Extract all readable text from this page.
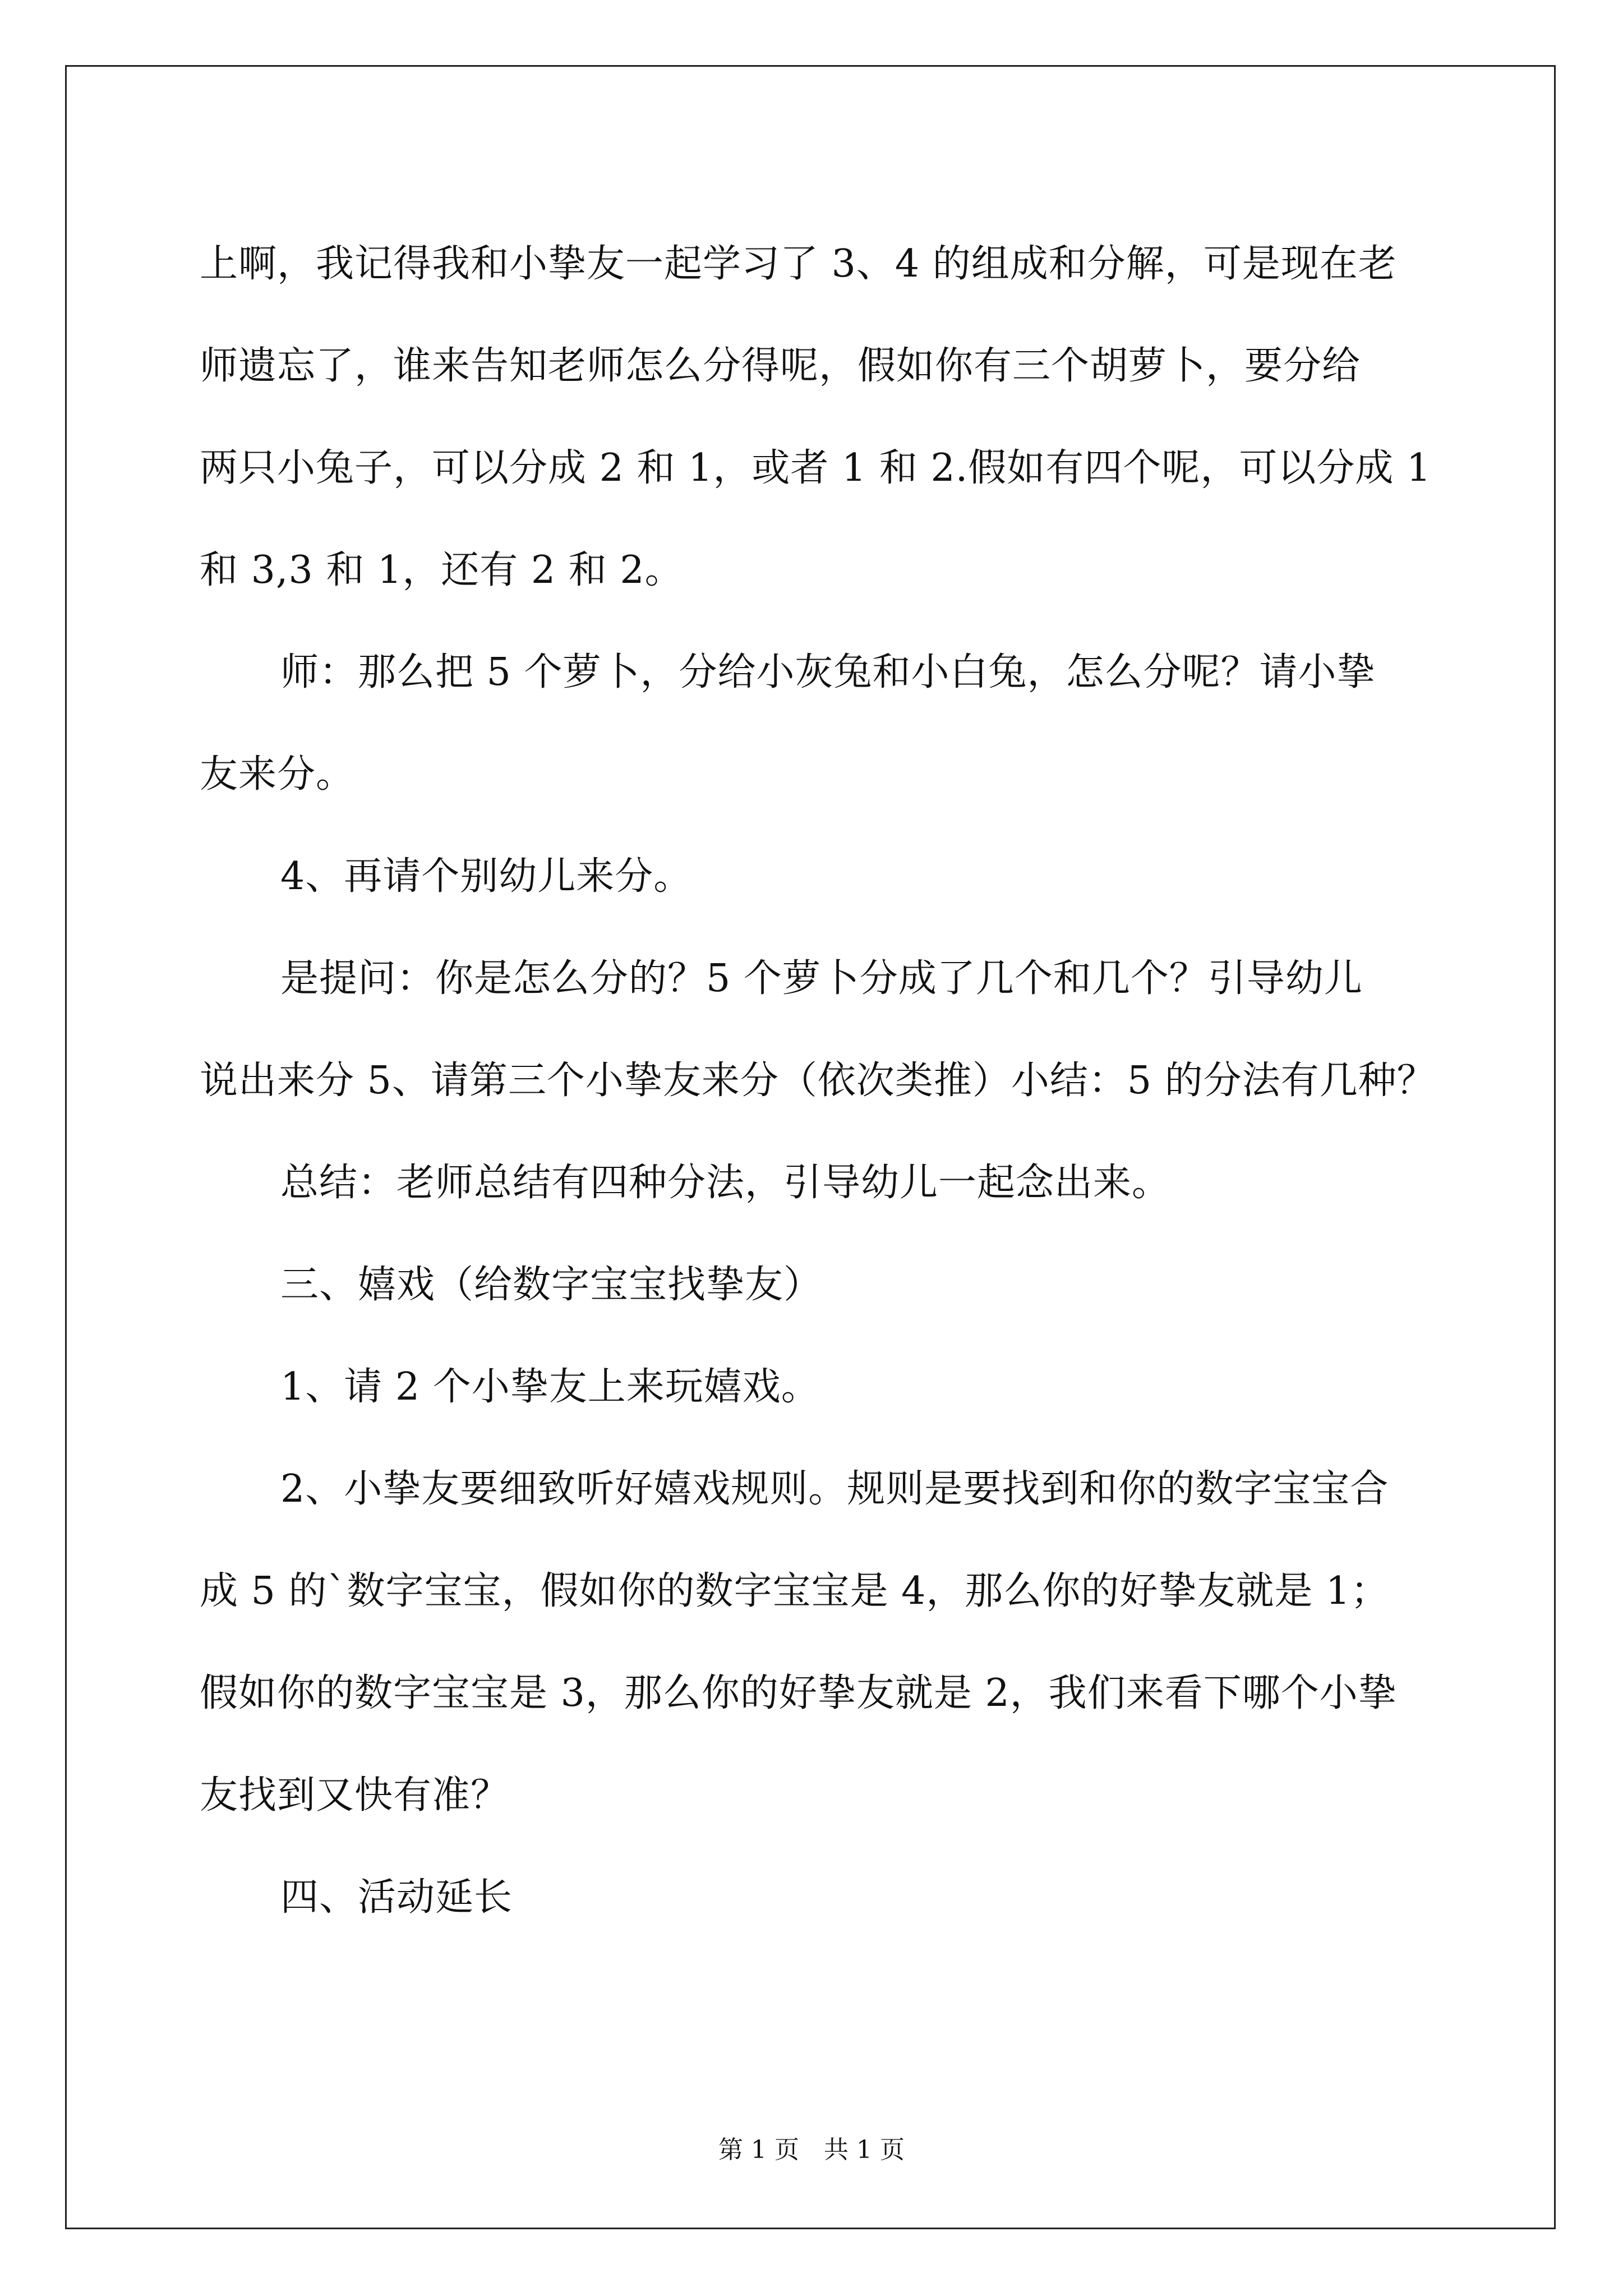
上啊，我记得我和小挚友一起学习了 3、4 的组成和分解，可是现在老

师遗忘了，谁来告知老师怎么分得呢，假如你有三个胡萝卜，要分给

两只小兔子，可以分成 2 和 1，或者 1 和 2.假如有四个呢，可以分成 1

和 3,3 和 1，还有 2 和 2。

师：那么把 5 个萝卜，分给小灰兔和小白兔，怎么分呢？请小挚

友来分。

4、再请个别幼儿来分。

是提问：你是怎么分的？5 个萝卜分成了几个和几个？引导幼儿

说出来分 5、请第三个小挚友来分（依次类推）小结：5 的分法有几种？

总结：老师总结有四种分法，引导幼儿一起念出来。

三、嬉戏（给数字宝宝找挚友）

1、请 2 个小挚友上来玩嬉戏。

2、小挚友要细致听好嬉戏规则。规则是要找到和你的数字宝宝合

成 5 的`数字宝宝，假如你的数字宝宝是 4，那么你的好挚友就是 1；

假如你的数字宝宝是 3，那么你的好挚友就是 2，我们来看下哪个小挚

友找到又快有准？

四、活动延长

第 1 页　共 1 页
